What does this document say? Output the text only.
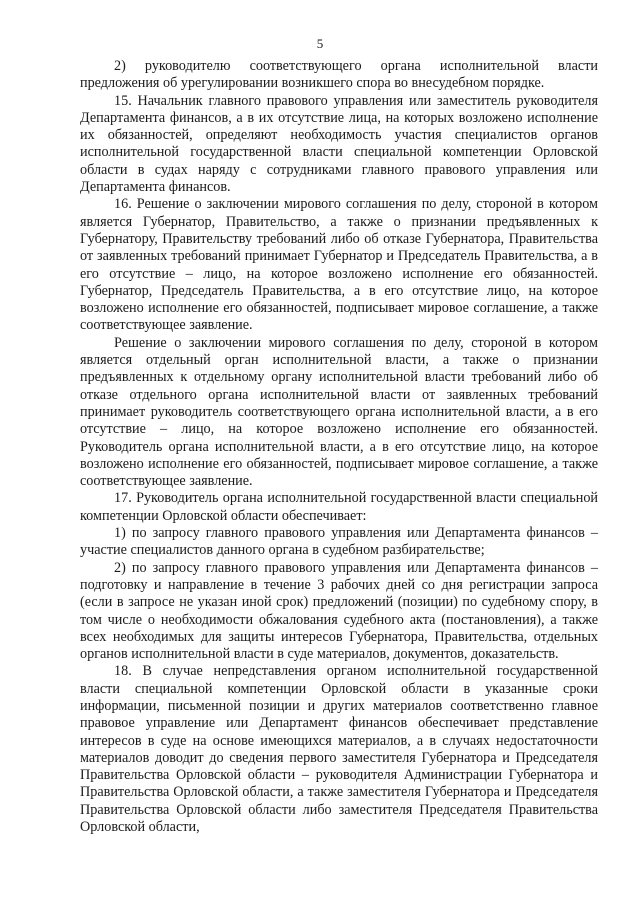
5

2) руководителю соответствующего органа исполнительной власти предложения об урегулировании возникшего спора во внесудебном порядке.

15. Начальник главного правового управления или заместитель руководителя Департамента финансов, а в их отсутствие лица, на которых возложено исполнение их обязанностей, определяют необходимость участия специалистов органов исполнительной государственной власти специальной компетенции Орловской области в судах наряду с сотрудниками главного правового управления или Департамента финансов.

16. Решение о заключении мирового соглашения по делу, стороной в котором является Губернатор, Правительство, а также о признании предъявленных к Губернатору, Правительству требований либо об отказе Губернатора, Правительства от заявленных требований принимает Губернатор и Председатель Правительства, а в его отсутствие – лицо, на которое возложено исполнение его обязанностей. Губернатор, Председатель Правительства, а в его отсутствие лицо, на которое возложено исполнение его обязанностей, подписывает мировое соглашение, а также соответствующее заявление.

Решение о заключении мирового соглашения по делу, стороной в котором является отдельный орган исполнительной власти, а также о признании предъявленных к отдельному органу исполнительной власти требований либо об отказе отдельного органа исполнительной власти от заявленных требований принимает руководитель соответствующего органа исполнительной власти, а в его отсутствие – лицо, на которое возложено исполнение его обязанностей. Руководитель органа исполнительной власти, а в его отсутствие лицо, на которое возложено исполнение его обязанностей, подписывает мировое соглашение, а также соответствующее заявление.

17. Руководитель органа исполнительной государственной власти специальной компетенции Орловской области обеспечивает:

1) по запросу главного правового управления или Департамента финансов – участие специалистов данного органа в судебном разбирательстве;

2) по запросу главного правового управления или Департамента финансов – подготовку и направление в течение 3 рабочих дней со дня регистрации запроса (если в запросе не указан иной срок) предложений (позиции) по судебному спору, в том числе о необходимости обжалования судебного акта (постановления), а также всех необходимых для защиты интересов Губернатора, Правительства, отдельных органов исполнительной власти в суде материалов, документов, доказательств.

18. В случае непредставления органом исполнительной государственной власти специальной компетенции Орловской области в указанные сроки информации, письменной позиции и других материалов соответственно главное правовое управление или Департамент финансов обеспечивает представление интересов в суде на основе имеющихся материалов, а в случаях недостаточности материалов доводит до сведения первого заместителя Губернатора и Председателя Правительства Орловской области – руководителя Администрации Губернатора и Правительства Орловской области, а также заместителя Губернатора и Председателя Правительства Орловской области либо заместителя Председателя Правительства Орловской области,
